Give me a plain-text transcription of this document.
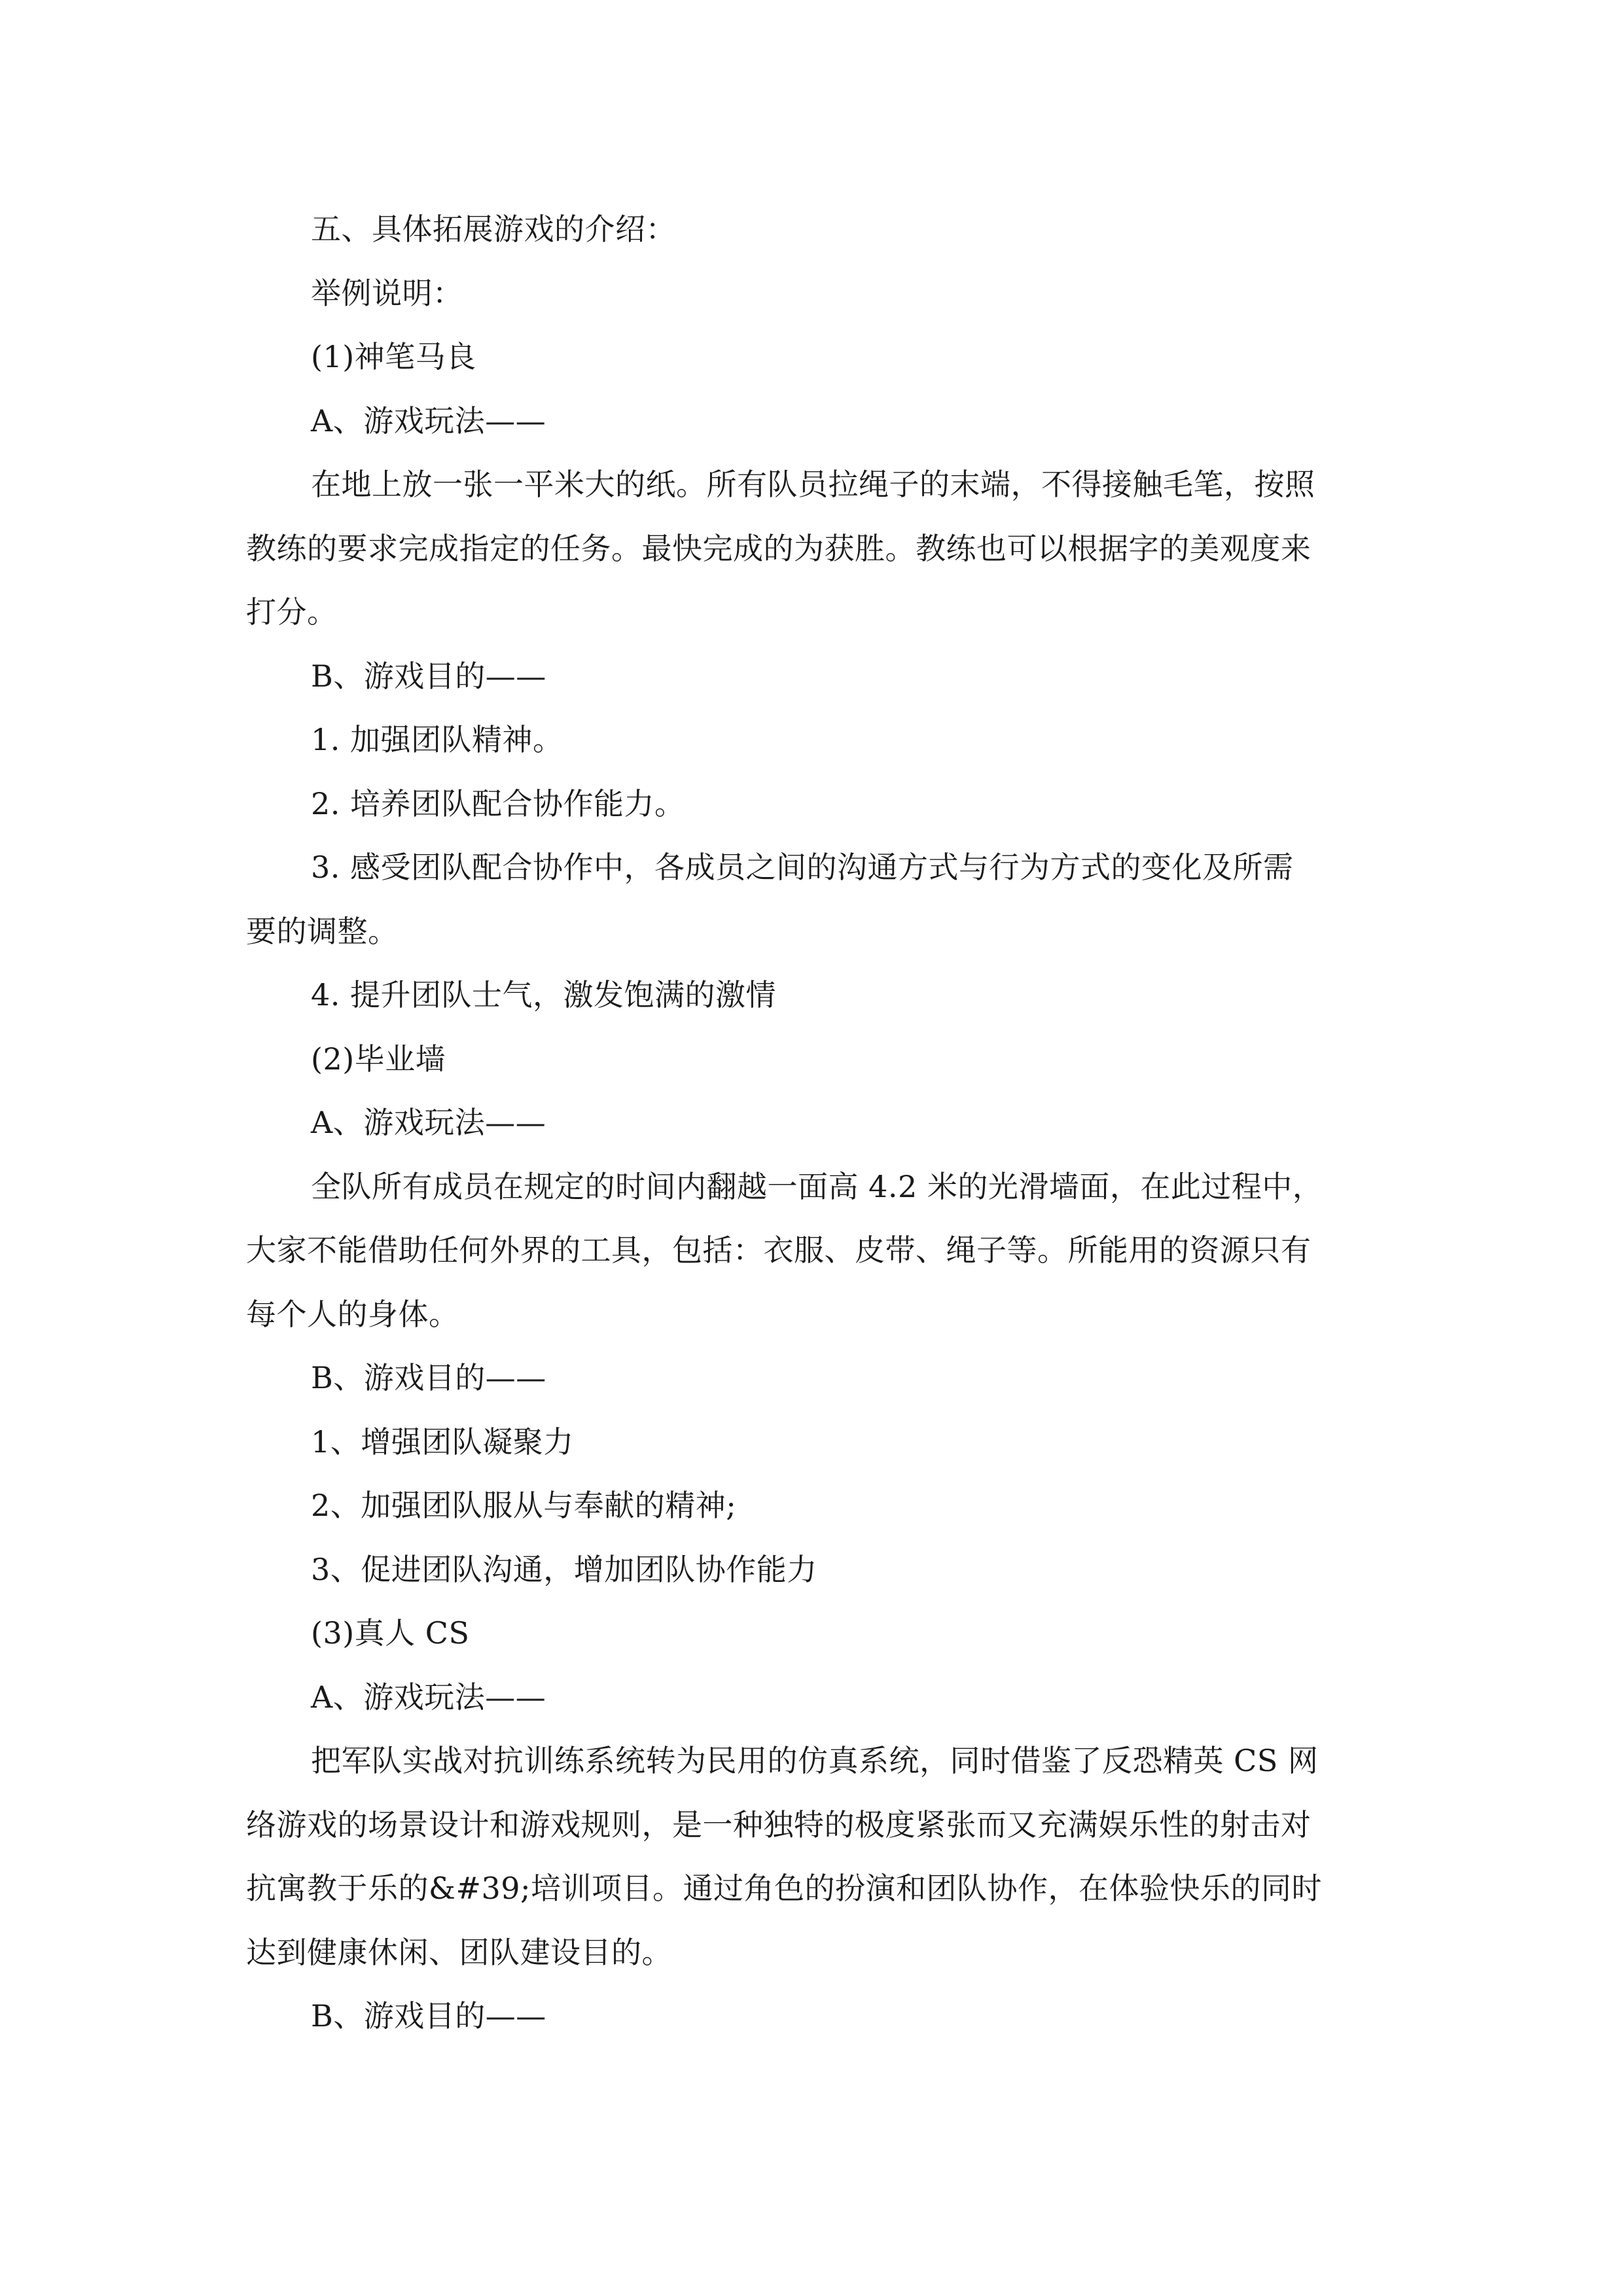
五、具体拓展游戏的介绍：
举例说明：
(1)神笔马良
A、游戏玩法——
在地上放一张一平米大的纸。所有队员拉绳子的末端，不得接触毛笔，按照
教练的要求完成指定的任务。最快完成的为获胜。教练也可以根据字的美观度来
打分。
B、游戏目的——
1. 加强团队精神。
2. 培养团队配合协作能力。
3. 感受团队配合协作中，各成员之间的沟通方式与行为方式的变化及所需
要的调整。
4. 提升团队士气，激发饱满的激情
(2)毕业墙
A、游戏玩法——
全队所有成员在规定的时间内翻越一面高 4.2 米的光滑墙面，在此过程中，
大家不能借助任何外界的工具，包括：衣服、皮带、绳子等。所能用的资源只有
每个人的身体。
B、游戏目的——
1、增强团队凝聚力
2、加强团队服从与奉献的精神;
3、促进团队沟通，增加团队协作能力
(3)真人 CS
A、游戏玩法——
把军队实战对抗训练系统转为民用的仿真系统，同时借鉴了反恐精英 CS 网
络游戏的场景设计和游戏规则，是一种独特的极度紧张而又充满娱乐性的射击对
抗寓教于乐的&#39;培训项目。通过角色的扮演和团队协作，在体验快乐的同时
达到健康休闲、团队建设目的。
B、游戏目的——
